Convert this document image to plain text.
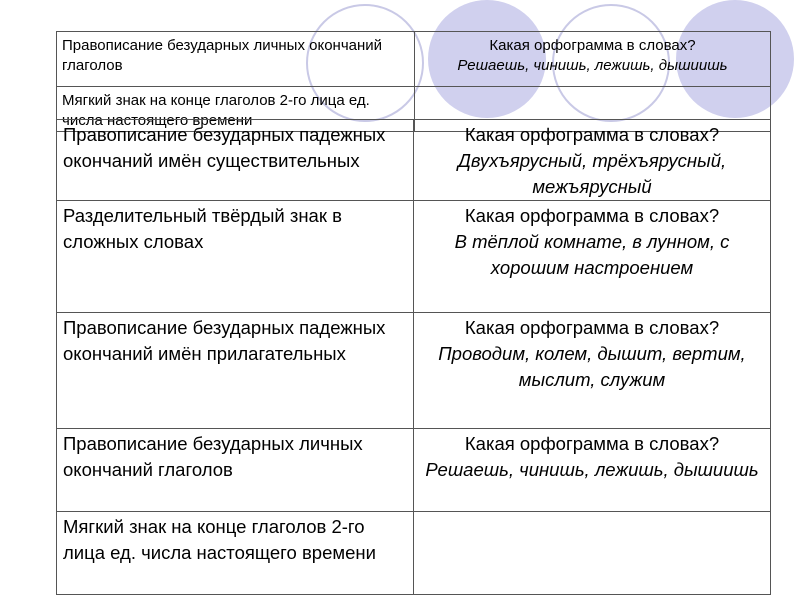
Правописание безударных личных окончаний глаголов	Какая орфограмма в словах?
Решаешь, чинишь, лежишь, дышиишь

Мягкий знак на конце глаголов 2-го лица ед. числа настоящего времени	
Правописание безударных падежных окончаний имён существительных	Какая орфограмма в словах?
Двухъярусный, трёхъярусный, межъярусный

Разделительный твёрдый знак в сложных словах	Какая орфограмма в словах?
В тёплой комнате, в лунном, с хорошим настроением

Правописание безударных падежных окончаний имён прилагательных	Какая орфограмма в словах?
Проводим, колем, дышит, вертим, мыслит, служим

Правописание безударных личных окончаний глаголов	Какая орфограмма в словах?
Решаешь, чинишь, лежишь, дышиишь

Мягкий знак на конце глаголов 2-го лица ед. числа настоящего времени	
